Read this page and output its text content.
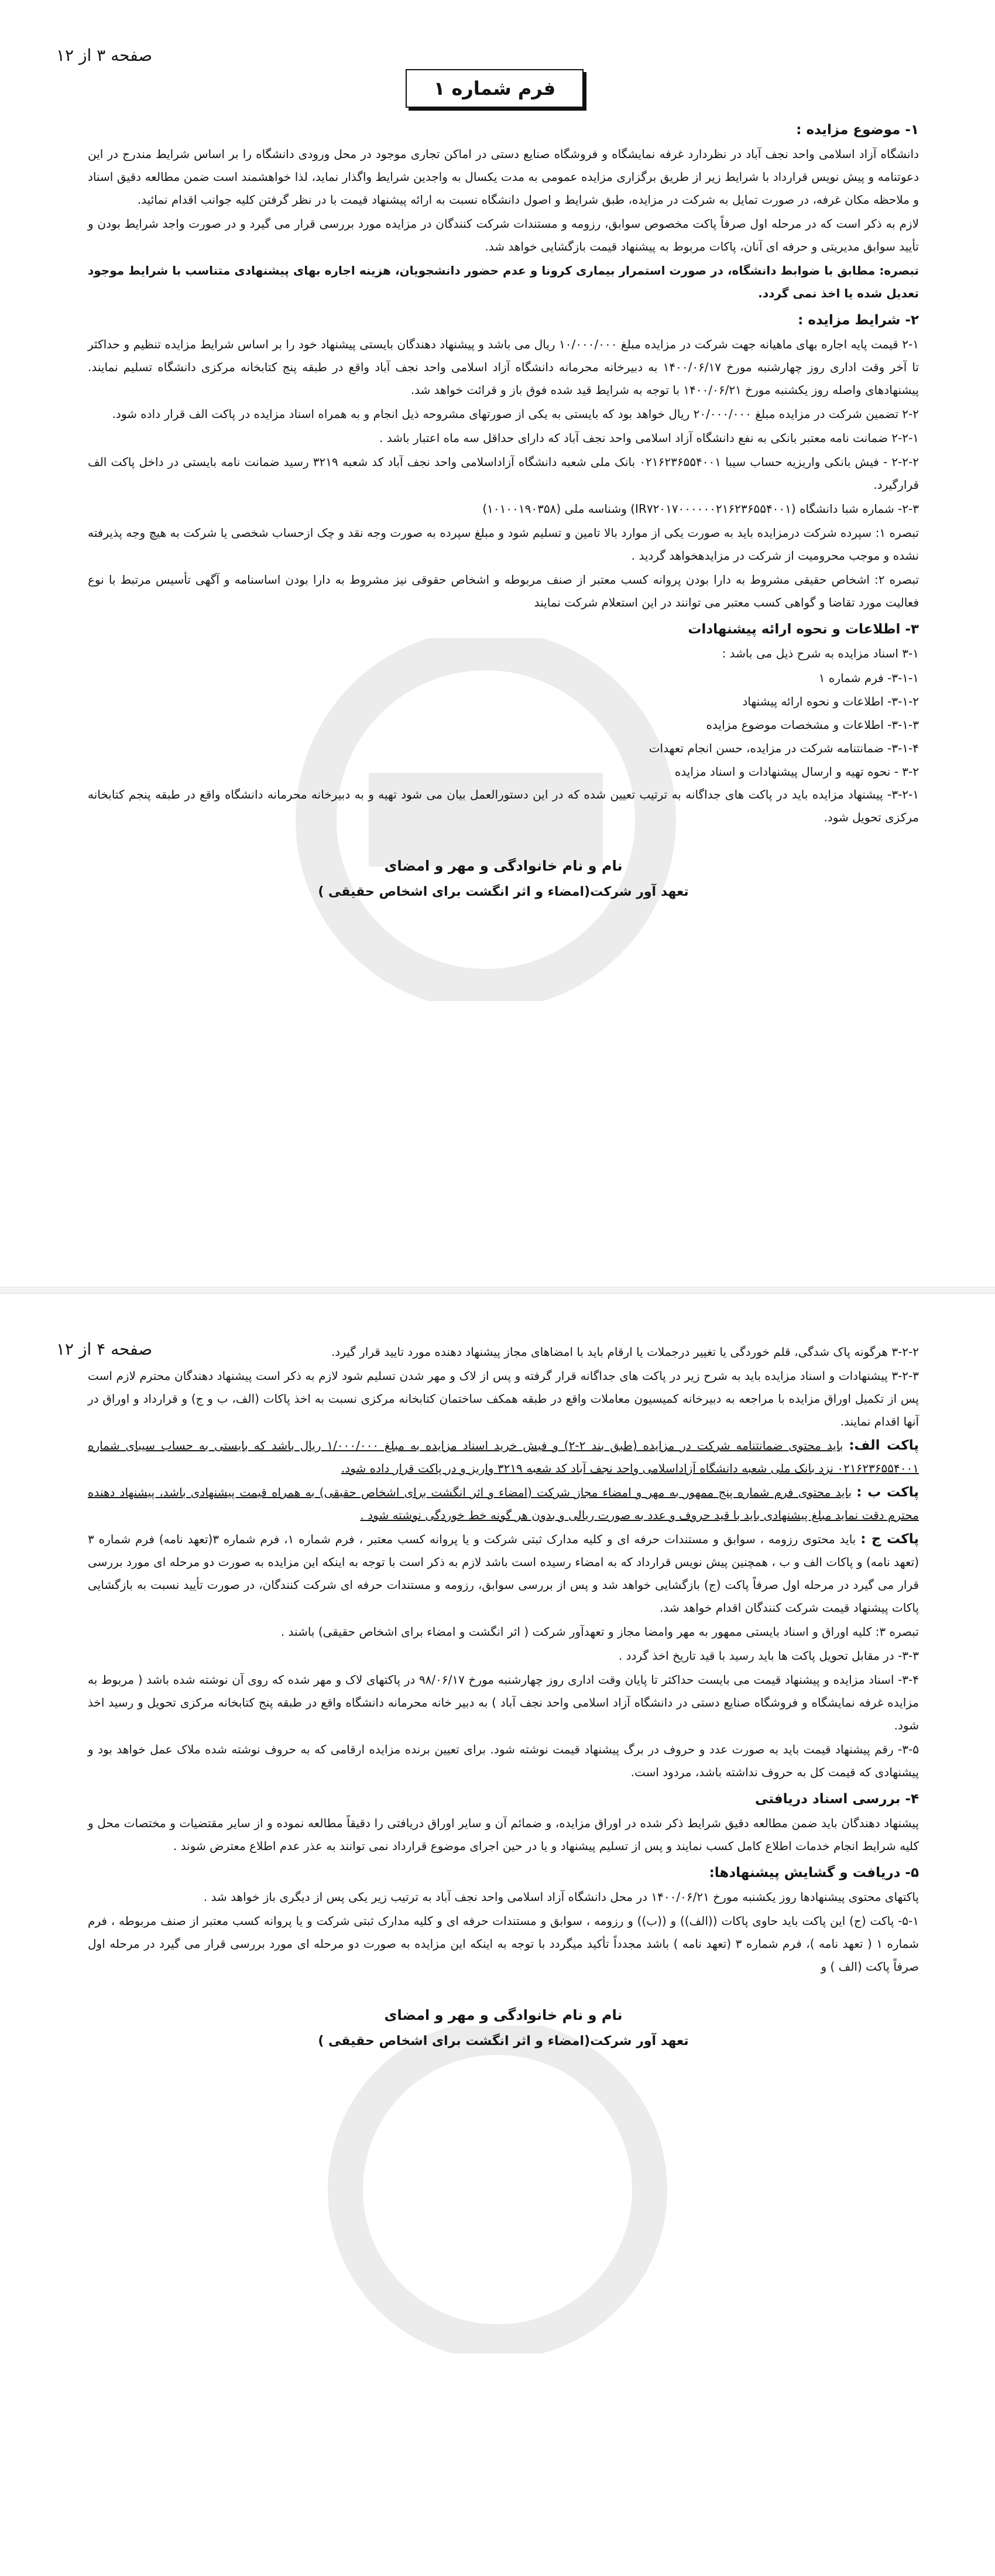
صفحه ۳ از ۱۲
فرم شماره ۱

۱- موضوع مزایده :

دانشگاه آزاد اسلامی واحد نجف آباد در نظردارد غرفه نمایشگاه و فروشگاه صنایع دستی در اماکن تجاری موجود در محل ورودی دانشگاه را بر اساس شرایط مندرج در این دعوتنامه و پیش نویس قرارداد با شرایط زیر از طریق برگزاری مزایده عمومی به مدت یکسال به واجدین شرایط واگذار نماید، لذا خواهشمند است ضمن مطالعه دقیق اسناد و ملاحظه مکان غرفه، در صورت تمایل به شرکت در مزایده، طبق شرایط و اصول دانشگاه نسبت به ارائه پیشنهاد قیمت با در نظر گرفتن کلیه جوانب اقدام نمائید.

لازم به ذکر است که در مرحله اول صرفاً پاکت مخصوص سوابق، رزومه و مستندات شرکت کنندگان در مزایده مورد بررسی قرار می گیرد و در صورت واجد شرایط بودن و تأیید سوابق مدیریتی و حرفه ای آنان، پاکات مربوط به پیشنهاد قیمت بازگشایی خواهد شد.

تبصره: مطابق با ضوابط دانشگاه، در صورت استمرار بیماری کرونا و عدم حضور دانشجویان، هزینه اجاره بهای پیشنهادی متناسب با شرایط موجود تعدیل شده یا اخذ نمی گردد.

۲- شرایط مزایده :

۲-۱ قیمت پایه اجاره بهای ماهیانه جهت شرکت در مزایده مبلغ ۱۰/۰۰۰/۰۰۰ ریال می باشد و پیشنهاد دهندگان بایستی پیشنهاد خود را بر اساس شرایط مزایده تنظیم و حداکثر تا آخر وقت اداری روز چهارشنبه مورخ ۱۴۰۰/۰۶/۱۷ به دبیرخانه محرمانه دانشگاه آزاد اسلامی واحد نجف آباد واقع در طبقه پنج کتابخانه مرکزی دانشگاه تسلیم نمایند. پیشنهادهای واصله روز یکشنبه مورخ ۱۴۰۰/۰۶/۲۱ با توجه به شرایط قید شده فوق باز و قرائت خواهد شد.

۲-۲ تضمین شرکت در مزایده مبلغ ۲۰/۰۰۰/۰۰۰ ریال خواهد بود که بایستی به یکی از صورتهای مشروحه ذیل انجام و به همراه اسناد مزایده در پاکت الف قرار داده شود.

۲-۲-۱ ضمانت نامه معتبر بانکی به نفع دانشگاه آزاد اسلامی واحد نجف آباد که دارای حداقل سه ماه اعتبار باشد .

۲-۲-۲ - فیش بانکی واریزیه حساب سیبا ۰۲۱۶۲۳۶۵۵۴۰۰۱ بانک ملی شعبه دانشگاه آزاداسلامی واحد نجف آباد کد شعبه ۳۲۱۹ رسید ضمانت نامه بایستی در داخل پاکت الف قرارگیرد.

۲-۳- شماره شبا دانشگاه (IR۷۲۰۱۷۰۰۰۰۰۰۲۱۶۲۳۶۵۵۴۰۰۱) وشناسه ملی (۱۰۱۰۰۱۹۰۳۵۸)

تبصره ۱: سپرده شرکت درمزایده باید به صورت یکی از موارد بالا تامین و تسلیم شود و مبلغ سپرده به صورت وجه نقد و چک ازحساب شخصی یا شرکت به هیچ وجه پذیرفته نشده و موجب محرومیت از شرکت در مزایدهخواهد گردید .

تبصره ۲: اشخاص حقیقی مشروط به دارا بودن پروانه کسب معتبر از صنف مربوطه و اشخاص حقوقی نیز مشروط به دارا بودن اساسنامه و آگهی تأسیس مرتبط با نوع فعالیت مورد تقاضا و گواهی کسب معتبر می توانند در این استعلام شرکت نمایند

۳- اطلاعات و نحوه ارائه پیشنهادات

۳-۱ اسناد مزایده به شرح ذیل می باشد :

۳-۱-۱- فرم شماره ۱

۳-۱-۲- اطلاعات و نحوه ارائه پیشنهاد

۳-۱-۳- اطلاعات و مشخصات موضوع مزایده

۳-۱-۴- ضمانتنامه شرکت در مزایده، حسن انجام تعهدات

۳-۲ - نحوه تهیه و ارسال پیشنهادات و اسناد مزایده

۳-۲-۱- پیشنهاد مزایده باید در پاکت های جداگانه به ترتیب تعیین شده که در این دستورالعمل بیان می شود تهیه و به دبیرخانه محرمانه دانشگاه واقع در طبقه پنجم کتابخانه مرکزی تحویل شود.

نام و نام خانوادگی و مهر و امضای

تعهد آور شرکت(امضاء و اثر انگشت برای اشخاص حقیقی )

صفحه ۴ از ۱۲	۳-۲-۲ هرگونه پاک شدگی، قلم خوردگی یا تغییر درجملات یا ارقام باید با امضاهای مجاز پیشنهاد دهنده مورد تایید قرار گیرد.

۳-۲-۳ پیشنهادات و اسناد مزایده باید به شرح زیر در پاکت های جداگانه قرار گرفته و پس از لاک و مهر شدن تسلیم شود لازم به ذکر است پیشنهاد دهندگان محترم لازم است پس از تکمیل اوراق مزایده با مراجعه به دبیرخانه کمیسیون معاملات واقع در طبقه همکف ساختمان کتابخانه مرکزی نسبت به اخذ پاکات (الف، ب و ج) و قرارداد و اوراق در آنها اقدام نمایند.

پاکت الف: باید محتوی ضمانتنامه شرکت در مزایده (طبق بند ۲-۲) و فیش خرید اسناد مزایده به مبلغ ۱/۰۰۰/۰۰۰ ریال باشد که بایستی به حساب سیبای شماره ۰۲۱۶۲۳۶۵۵۴۰۰۱ نزد بانک ملی شعبه دانشگاه آزاداسلامی واحد نجف آباد کد شعبه ۳۲۱۹ واریز و در پاکت قرار داده شود.

پاکت ب : باید محتوی فرم شماره پنج ممهور به مهر و امضاء مجاز شرکت (امضاء و اثر انگشت برای اشخاص حقیقی) به همراه قیمت پیشنهادی باشد، پیشنهاد دهنده محترم دقت نماید مبلغ پیشنهادی باید با قید حروف و عدد به صورت ریالی و بدون هر گونه خط خوردگی نوشته شود .

پاکت ج : باید محتوی رزومه ، سوابق و مستندات حرفه ای و کلیه مدارک ثبتی شرکت و یا پروانه کسب معتبر ، فرم شماره ۱، فرم شماره ۳(تعهد نامه) فرم شماره ۳ (تعهد نامه) و پاکات الف و ب ، همچنین پیش نویس قرارداد که به امضاء رسیده است باشد لازم به ذکر است با توجه به اینکه این مزایده به صورت دو مرحله ای مورد بررسی قرار می گیرد در مرحله اول صرفاً پاکت (ج) بازگشایی خواهد شد و پس از بررسی سوابق، رزومه و مستندات حرفه ای شرکت کنندگان، در صورت تأیید نسبت به بازگشایی پاکات پیشنهاد قیمت شرکت کنندگان اقدام خواهد شد.

تبصره ۳: کلیه اوراق و اسناد بایستی ممهور به مهر وامضا مجاز و تعهدآور شرکت ( اثر انگشت و امضاء برای اشخاص حقیقی) باشند .

۳-۳- در مقابل تحویل پاکت ها باید رسید با قید تاریخ اخذ گردد .

۳-۴- اسناد مزایده و پیشنهاد قیمت می بایست حداکثر تا پایان وقت اداری روز چهارشنبه مورخ ۹۸/۰۶/۱۷ در پاکتهای لاک و مهر شده که روی آن نوشته شده باشد ( مربوط به مزایده غرفه نمایشگاه و فروشگاه صنایع دستی در دانشگاه آزاد اسلامی واحد نجف آباد ) به دبیر خانه محرمانه دانشگاه واقع در طبقه پنج کتابخانه مرکزی تحویل و رسید اخذ شود.

۳-۵- رقم پیشنهاد قیمت باید به صورت عدد و حروف در برگ پیشنهاد قیمت نوشته شود. برای تعیین برنده مزایده ارقامی که به حروف نوشته شده ملاک عمل خواهد بود و پیشنهادی که قیمت کل به حروف نداشته باشد، مردود است.

۴- بررسی اسناد دریافتی

پیشنهاد دهندگان باید ضمن مطالعه دقیق شرایط ذکر شده در اوراق مزایده، و ضمائم آن و سایر اوراق دریافتی را دقیقاً مطالعه نموده و از سایر مقتضیات و مختصات محل و کلیه شرایط انجام خدمات اطلاع کامل کسب نمایند و پس از تسلیم پیشنهاد و یا در حین اجرای موضوع قرارداد نمی توانند به عذر عدم اطلاع معترض شوند .

۵- دریافت و گشایش پیشنهادها:

پاکتهای محتوی پیشنهادها روز یکشنبه مورخ ۱۴۰۰/۰۶/۲۱ در محل دانشگاه آزاد اسلامی واحد نجف آباد به ترتیب زیر یکی پس از دیگری باز خواهد شد .

۵-۱- پاکت (ج) این پاکت باید حاوی پاکات ((الف)) و ((ب)) و رزومه ، سوابق و مستندات حرفه ای و کلیه مدارک ثبتی شرکت و یا پروانه کسب معتبر از صنف مربوطه ، فرم شماره ۱ ( تعهد نامه )، فرم شماره ۳ (تعهد نامه ) باشد مجدداً تأکید میگردد با توجه به اینکه این مزایده به صورت دو مرحله ای مورد بررسی قرار می گیرد در مرحله اول صرفاً پاکت (الف ) و

نام و نام خانوادگی و مهر و امضای

تعهد آور شرکت(امضاء و اثر انگشت برای اشخاص حقیقی )
